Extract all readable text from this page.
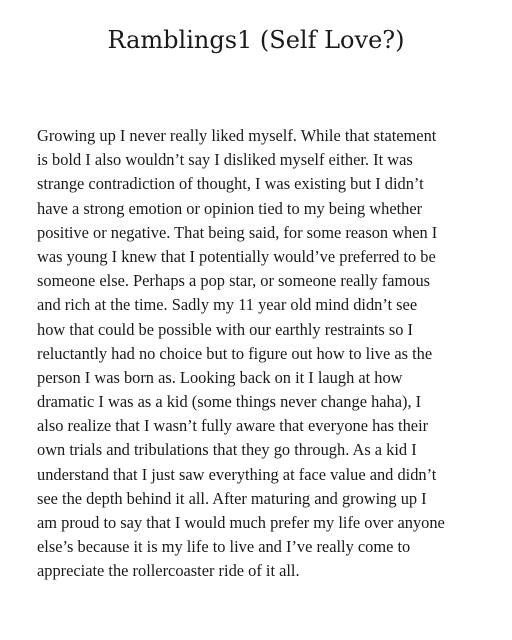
Ramblings1 (Self Love?)
Growing up I never really liked myself. While that statement
is bold I also wouldn’t say I disliked myself either. It was
strange contradiction of thought, I was existing but I didn’t
have a strong emotion or opinion tied to my being whether
positive or negative. That being said, for some reason when I
was young I knew that I potentially would’ve preferred to be
someone else. Perhaps a pop star, or someone really famous
and rich at the time. Sadly my 11 year old mind didn’t see
how that could be possible with our earthly restraints so I
reluctantly had no choice but to figure out how to live as the
person I was born as. Looking back on it I laugh at how
dramatic I was as a kid (some things never change haha), I
also realize that I wasn’t fully aware that everyone has their
own trials and tribulations that they go through. As a kid I
understand that I just saw everything at face value and didn’t
see the depth behind it all. After maturing and growing up I
am proud to say that I would much prefer my life over anyone
else’s because it is my life to live and I’ve really come to
appreciate the rollercoaster ride of it all.
